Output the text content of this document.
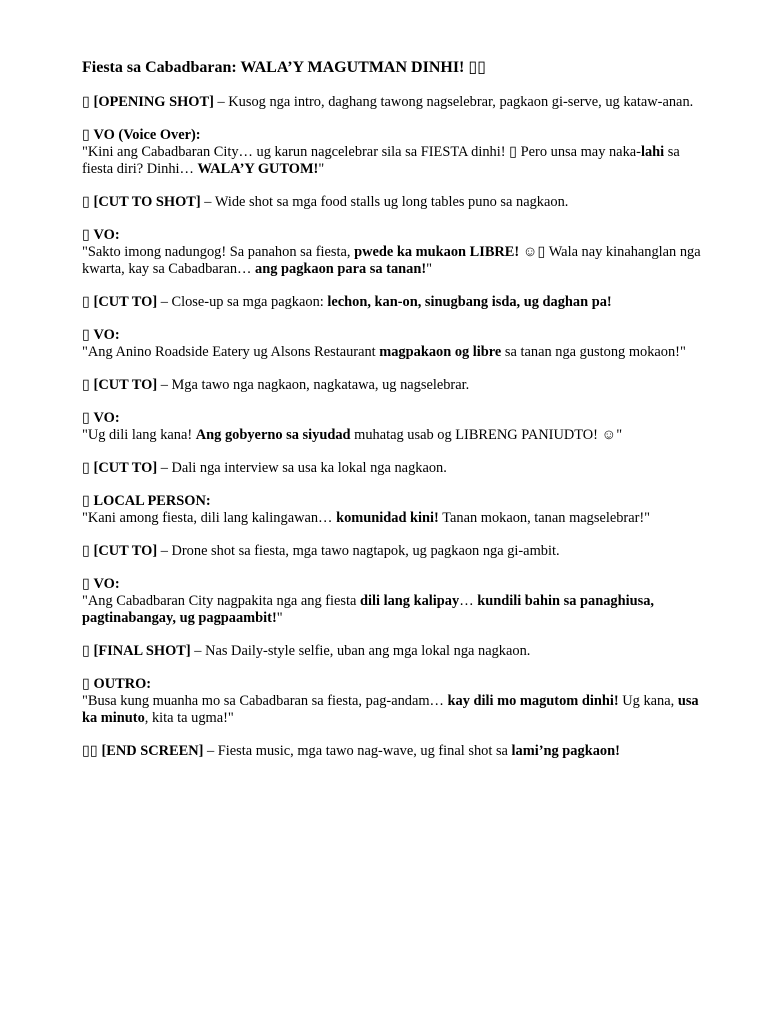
Fiesta sa Cabadbaran: WALA’Y MAGUTMAN DINHI! ▯▯

▯ [OPENING SHOT] – Kusog nga intro, daghang tawong nagselebrar, pagkaon gi-serve, ug kataw-anan.

▯ VO (Voice Over):

"Kini ang Cabadbaran City… ug karun nagcelebrar sila sa FIESTA dinhi! ▯ Pero unsa may naka-lahi sa fiesta diri? Dinhi… WALA’Y GUTOM!"

▯ [CUT TO SHOT] – Wide shot sa mga food stalls ug long tables puno sa nagkaon.

▯ VO:

"Sakto imong nadungog! Sa panahon sa fiesta, pwede ka mukaon LIBRE! ☺▯ Wala nay kinahanglan nga kwarta, kay sa Cabadbaran… ang pagkaon para sa tanan!"

▯ [CUT TO] – Close-up sa mga pagkaon: lechon, kan-on, sinugbang isda, ug daghan pa!

▯ VO:

"Ang Anino Roadside Eatery ug Alsons Restaurant magpakaon og libre sa tanan nga gustong mokaon!"

▯ [CUT TO] – Mga tawo nga nagkaon, nagkatawa, ug nagselebrar.

▯ VO:

"Ug dili lang kana! Ang gobyerno sa siyudad muhatag usab og LIBRENG PANIUDTO! ☺"

▯ [CUT TO] – Dali nga interview sa usa ka lokal nga nagkaon.

▯ LOCAL PERSON:

"Kani among fiesta, dili lang kalingawan… komunidad kini! Tanan mokaon, tanan magselebrar!"

▯ [CUT TO] – Drone shot sa fiesta, mga tawo nagtapok, ug pagkaon nga gi-ambit.

▯ VO:

"Ang Cabadbaran City nagpakita nga ang fiesta dili lang kalipay… kundili bahin sa panaghiusa, pagtinabangay, ug pagpaambit!"

▯ [FINAL SHOT] – Nas Daily-style selfie, uban ang mga lokal nga nagkaon.

▯ OUTRO:

"Busa kung muanha mo sa Cabadbaran sa fiesta, pag-andam… kay dili mo magutom dinhi! Ug kana, usa ka minuto, kita ta ugma!"

▯▯ [END SCREEN] – Fiesta music, mga tawo nag-wave, ug final shot sa lami’ng pagkaon!
